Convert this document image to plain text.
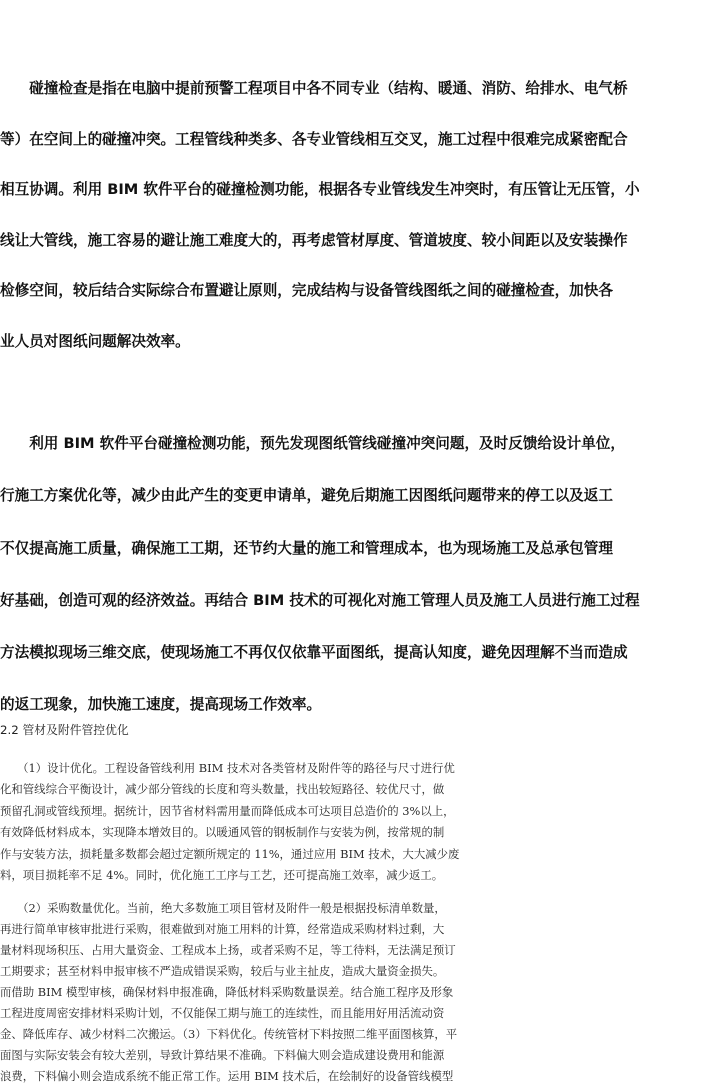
　　碰撞检查是指在电脑中提前预警工程项目中各不同专业（结构、暖通、消防、给排水、电气桥
等）在空间上的碰撞冲突。工程管线种类多、各专业管线相互交叉，施工过程中很难完成紧密配合
相互协调。利用 BIM 软件平台的碰撞检测功能，根据各专业管线发生冲突时，有压管让无压管，小
线让大管线，施工容易的避让施工难度大的，再考虑管材厚度、管道坡度、较小间距以及安装操作
检修空间，较后结合实际综合布置避让原则，完成结构与设备管线图纸之间的碰撞检查，加快各
业人员对图纸问题解决效率。
　　利用 BIM 软件平台碰撞检测功能，预先发现图纸管线碰撞冲突问题，及时反馈给设计单位，
行施工方案优化等，减少由此产生的变更申请单，避免后期施工因图纸问题带来的停工以及返工
不仅提高施工质量，确保施工工期，还节约大量的施工和管理成本，也为现场施工及总承包管理
好基础，创造可观的经济效益。再结合 BIM 技术的可视化对施工管理人员及施工人员进行施工过程
方法模拟现场三维交底，使现场施工不再仅仅依靠平面图纸，提高认知度，避免因理解不当而造成
的返工现象，加快施工速度，提高现场工作效率。
2.2 管材及附件管控优化
　　（1）设计优化。工程设备管线利用 BIM 技术对各类管材及附件等的路径与尺寸进行优
化和管线综合平衡设计，减少部分管线的长度和弯头数量，找出较短路径、较优尺寸，做
预留孔洞或管线预埋。据统计，因节省材料需用量而降低成本可达项目总造价的 3%以上，
有效降低材料成本，实现降本增效目的。以暖通风管的钢板制作与安装为例，按常规的制
作与安装方法，损耗量多数都会超过定额所规定的 11%，通过应用 BIM 技术，大大减少废
料，项目损耗率不足 4%。同时，优化施工工序与工艺，还可提高施工效率，减少返工。
　　（2）采购数量优化。当前，绝大多数施工项目管材及附件一般是根据投标清单数量，
再进行简单审核审批进行采购，很难做到对施工用料的计算，经常造成采购材料过剩，大
量材料现场积压、占用大量资金、工程成本上扬，或者采购不足，等工待料，无法满足预订
工期要求；甚至材料申报审核不严造成错误采购，较后与业主扯皮，造成大量资金损失。
而借助 BIM 模型审核，确保材料申报准确，降低材料采购数量误差。结合施工程序及形象
工程进度周密安排材料采购计划，不仅能保工期与施工的连续性，而且能用好用活流动资
金、降低库存、减少材料二次搬运。（3）下料优化。传统管材下料按照二维平面图核算，平
面图与实际安装会有较大差别，导致计算结果不准确。下料偏大则会造成建设费用和能源
浪费，下料偏小则会造成系统不能正常工作。运用 BIM 技术后，在绘制好的设备管线模型
